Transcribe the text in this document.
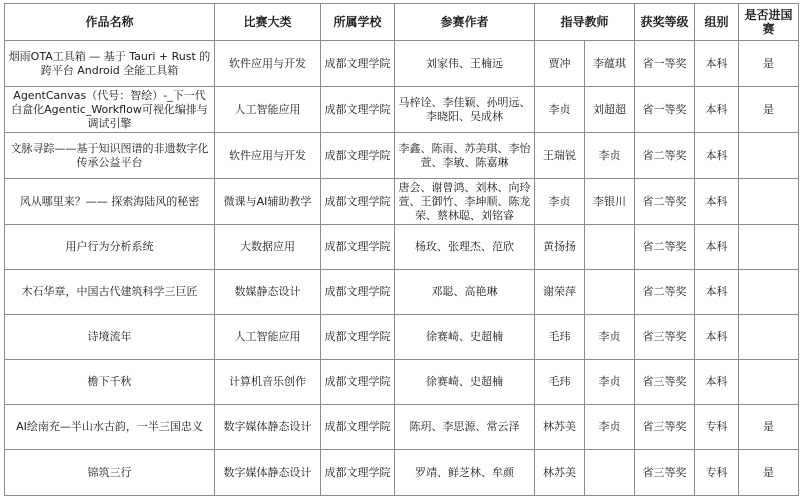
作品名称	比赛大类	所属学校	参赛作者	指导教师		获奖等级	组别	是否进国赛
烟雨OTA工具箱 — 基于 Tauri + Rust 的跨平台 Android 全能工具箱	软件应用与开发	成都文理学院	刘家伟、王楠远	贾冲	李蕴琪	省一等奖	本科	是
AgentCanvas（代号：智绘）-_下一代白盒化Agentic_Workflow可视化编排与调试引擎	人工智能应用	成都文理学院	马梓诠、李佳颖、孙明远、李晓阳、吴成林	李贞	刘超超	省一等奖	本科	是
文脉寻踪——基于知识图谱的非遗数字化传承公益平台	软件应用与开发	成都文理学院	李鑫、陈雨、苏美琪、李怡萱、李敏、陈嘉琳	王瑞锐	李贞	省二等奖	本科	
风从哪里来？—— 探索海陆风的秘密	微课与AI辅助教学	成都文理学院	唐会、谢曾鸿、刘林、向玲萱、王御竹、李坤顺、陈龙荣、蔡林聪、刘铭睿	李贞	李银川	省二等奖	本科	
用户行为分析系统	大数据应用	成都文理学院	杨玫、张理杰、范欣	黄扬扬		省二等奖	本科	
木石华章，中国古代建筑科学三巨匠	数媒静态设计	成都文理学院	邓聪、高艳琳	谢荣萍		省二等奖	本科	
诗境流年	人工智能应用	成都文理学院	徐赛崎、史超楠	毛玮	李贞	省三等奖	本科	
檐下千秋	计算机音乐创作	成都文理学院	徐赛崎、史超楠	毛玮	李贞	省三等奖	本科	
AI绘南充—半山水古韵，一半三国忠义	数字媒体静态设计	成都文理学院	陈玥、李思源、常云泽	林苏美	李贞	省三等奖	专科	是
锦筑三行	数字媒体静态设计	成都文理学院	罗靖、鲜芝林、牟颜	林苏美		省三等奖	专科	是
